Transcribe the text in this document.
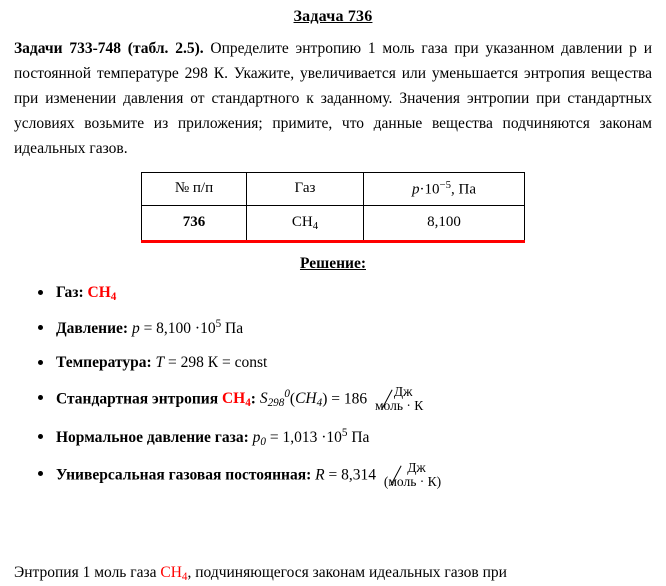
Задача 736

Задачи 733-748 (табл. 2.5). Определите энтропию 1 моль газа при указанном давлении p и постоянной температуре 298 К. Укажите, увеличивается или уменьшается энтропия вещества при изменении давления от стандартного к заданному. Значения энтропии при стандартных условиях возьмите из приложения; примите, что данные вещества подчиняются законам идеальных газов.

№ п/п	Газ	$p\cdot 10^{-5}$, Па
736	$CH_4$	8,100
Решение:
Газ: $CH_4$
Давление: $p = 8,100 \cdot 10^5$ Па
Температура: T = 298 К = const
Стандартная энтропия $CH_4$: $S_{298}^0(CH_4) = 186$	Дж
моль · К
Нормальное давление газа: $p_0 = 1,013 \cdot 10^5$ Па
Универсальная газовая постоянная: R = 8,314	Дж
(моль · К)
Энтропия 1 моль газа $CH_4$, подчиняющегося законам идеальных газов при
